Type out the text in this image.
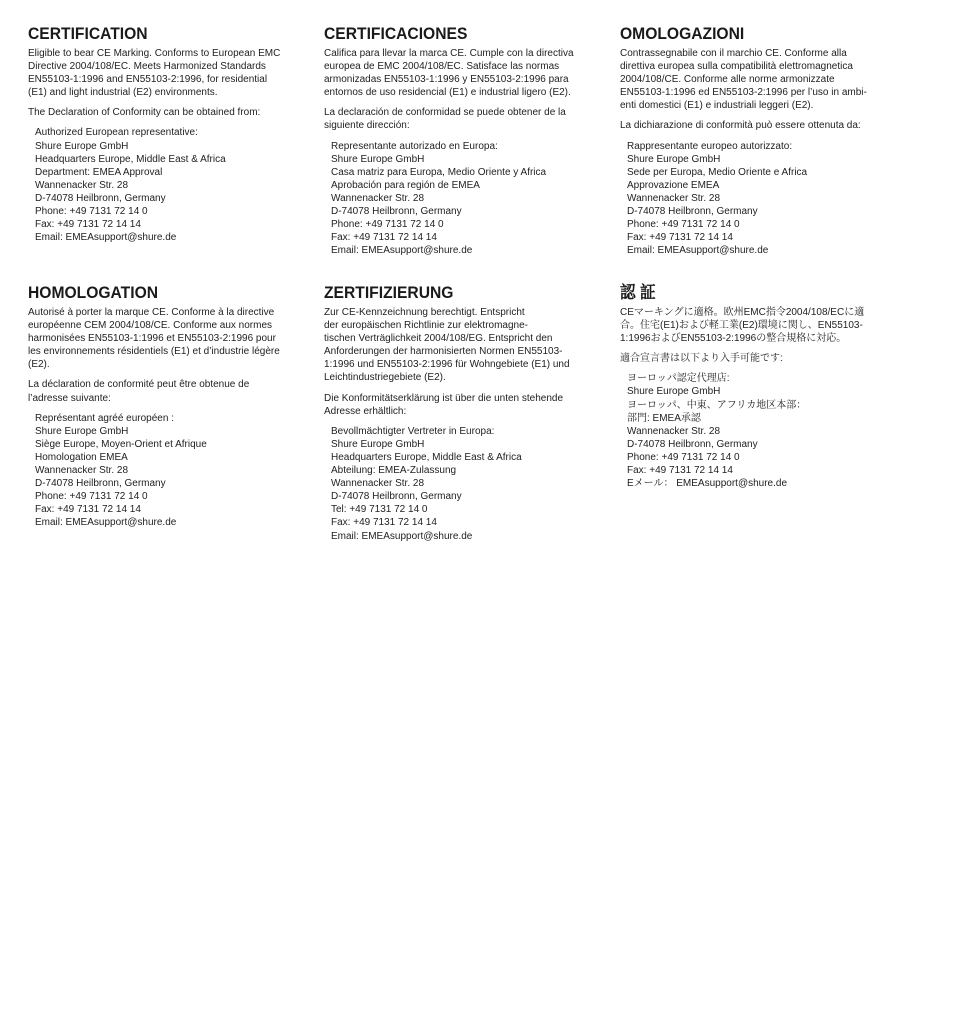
CERTIFICATION

Eligible to bear CE Marking. Conforms to European EMC
Directive 2004/108/EC. Meets Harmonized Standards
EN55103-1:1996 and EN55103-2:1996, for residential
(E1) and light industrial (E2) environments.

The Declaration of Conformity can be obtained from:

Authorized European representative:
Shure Europe GmbH
Headquarters Europe, Middle East & Africa
Department: EMEA Approval
Wannenacker Str. 28
D-74078 Heilbronn, Germany
Phone: +49 7131 72 14 0
Fax: +49 7131 72 14 14
Email: EMEAsupport@shure.de
CERTIFICACIONES

Califica para llevar la marca CE. Cumple con la directiva
europea de EMC 2004/108/EC. Satisface las normas
armonizadas EN55103-1:1996 y EN55103-2:1996 para
entornos de uso residencial (E1) e industrial ligero (E2).

La declaración de conformidad se puede obtener de la
siguiente dirección:

Representante autorizado en Europa:
Shure Europe GmbH
Casa matriz para Europa, Medio Oriente y Africa
Aprobación para región de EMEA
Wannenacker Str. 28
D-74078 Heilbronn, Germany
Phone: +49 7131 72 14 0
Fax: +49 7131 72 14 14
Email: EMEAsupport@shure.de
OMOLOGAZIONI

Contrassegnabile con il marchio CE. Conforme alla
direttiva europea sulla compatibilità elettromagnetica
2004/108/CE. Conforme alle norme armonizzate
EN55103-1:1996 ed EN55103-2:1996 per l’uso in ambi-
enti domestici (E1) e industriali leggeri (E2).

La dichiarazione di conformità può essere ottenuta da:

Rappresentante europeo autorizzato:
Shure Europe GmbH
Sede per Europa, Medio Oriente e Africa
Approvazione EMEA
Wannenacker Str. 28
D-74078 Heilbronn, Germany
Phone: +49 7131 72 14 0
Fax: +49 7131 72 14 14
Email: EMEAsupport@shure.de
HOMOLOGATION

Autorisé à porter la marque CE. Conforme à la directive
européenne CEM 2004/108/CE. Conforme aux normes
harmonisées EN55103-1:1996 et EN55103-2:1996 pour
les environnements résidentiels (E1) et d’industrie légère
(E2).

La déclaration de conformité peut être obtenue de
l’adresse suivante:

Représentant agréé européen :
Shure Europe GmbH
Siège Europe, Moyen-Orient et Afrique
Homologation EMEA
Wannenacker Str. 28
D-74078 Heilbronn, Germany
Phone: +49 7131 72 14 0
Fax: +49 7131 72 14 14
Email: EMEAsupport@shure.de
ZERTIFIZIERUNG

Zur CE-Kennzeichnung berechtigt. Entspricht
der europäischen Richtlinie zur elektromagne-
tischen Verträglichkeit 2004/108/EG. Entspricht den
Anforderungen der harmonisierten Normen EN55103-
1:1996 und EN55103-2:1996 für Wohngebiete (E1) und
Leichtindustriegebiete (E2).

Die Konformitätserklärung ist über die unten stehende
Adresse erhältlich:

Bevollmächtigter Vertreter in Europa:
Shure Europe GmbH
Headquarters Europe, Middle East & Africa
Abteilung: EMEA-Zulassung
Wannenacker Str. 28
D-74078 Heilbronn, Germany
Tel: +49 7131 72 14 0
Fax: +49 7131 72 14 14
Email: EMEAsupport@shure.de
認 証

CEマーキングに適格。欧州EMC指令2004/108/ECに適
合。住宅(E1)および軽工業(E2)環境に関し、EN55103-
1:1996およびEN55103-2:1996の整合規格に対応。

適合宣言書は以下より入手可能です:

ヨーロッパ認定代理店:
Shure Europe GmbH
ヨーロッパ、中東、アフリカ地区本部：
部門: EMEA承認
Wannenacker Str. 28
D-74078 Heilbronn, Germany
Phone: +49 7131 72 14 0
Fax: +49 7131 72 14 14
Eメール： EMEAsupport@shure.de
